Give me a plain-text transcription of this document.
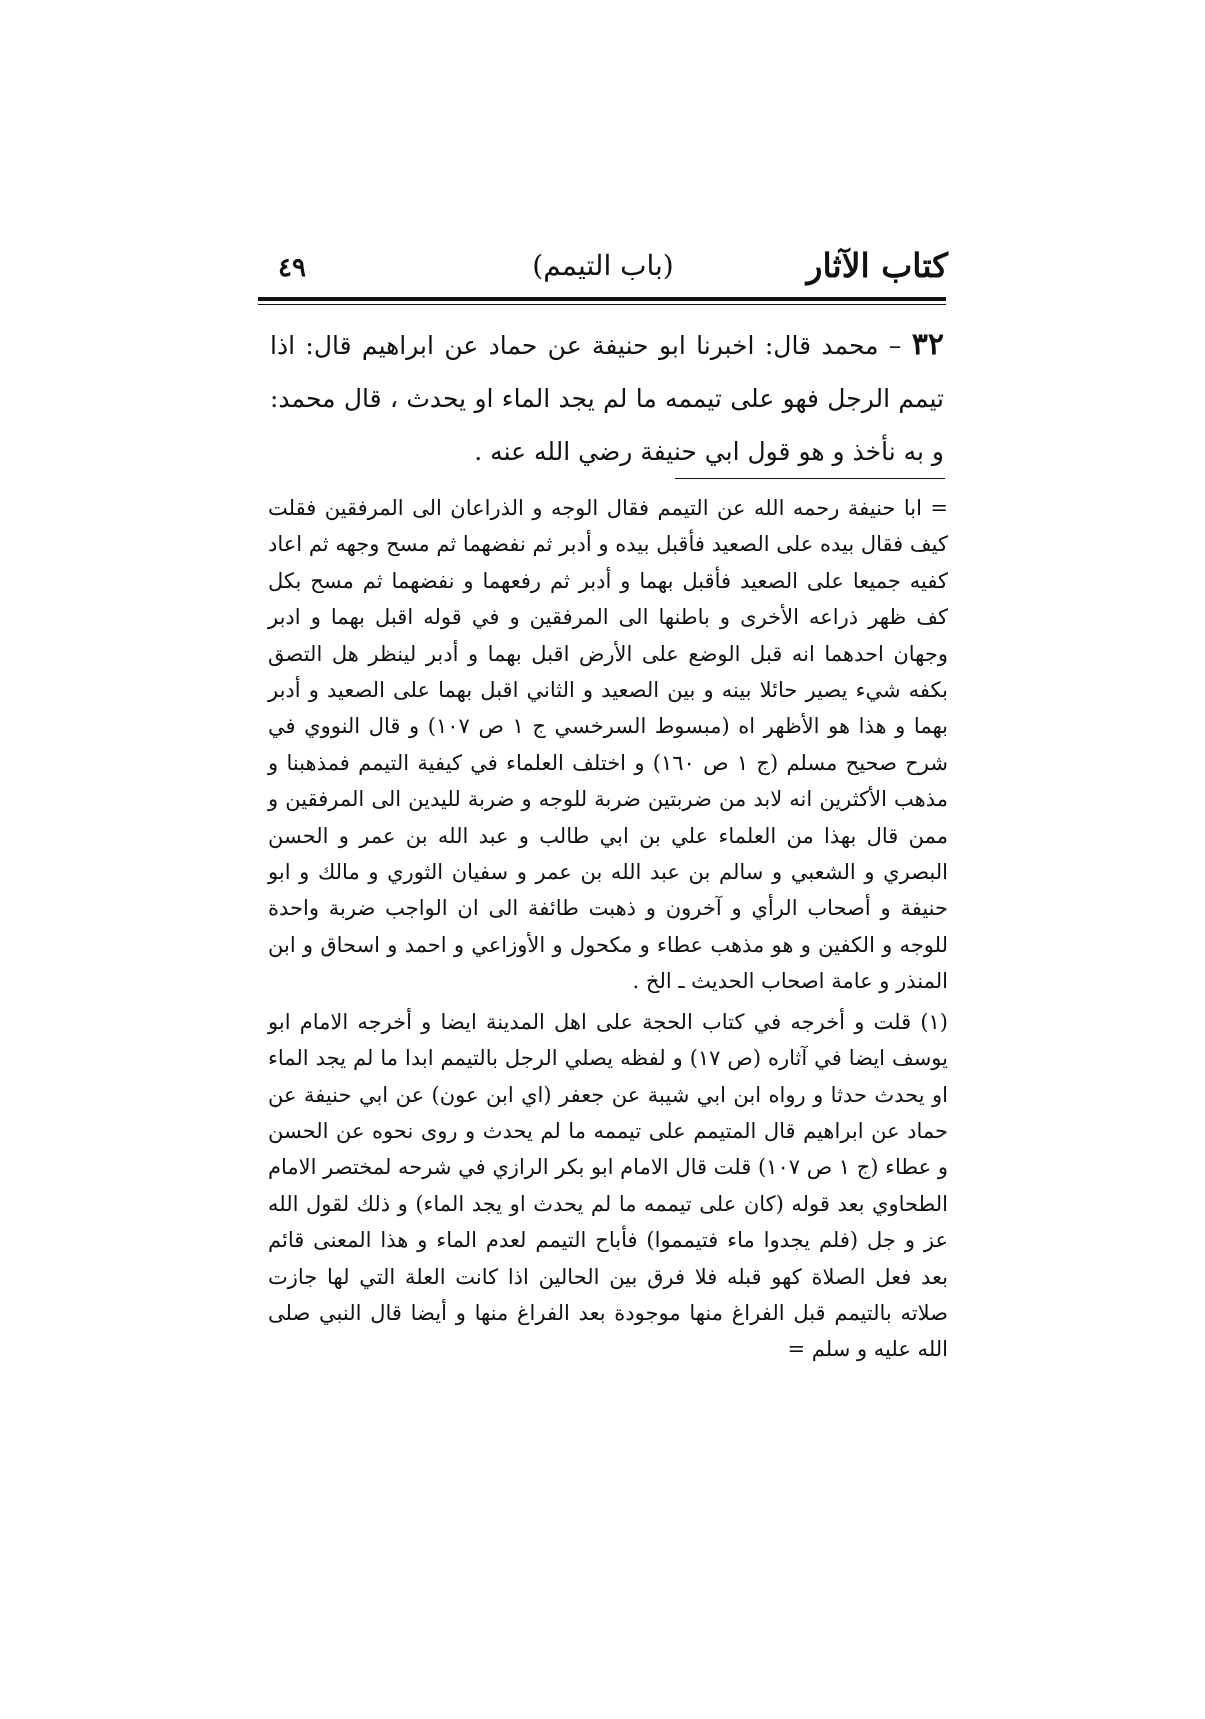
كتاب الآثار
(باب التيمم)
٤٩
٣٢ – محمد قال: اخبرنا ابو حنيفة عن حماد عن ابراهيم قال: اذا تيمم الرجل فهو على تيممه ما لم يجد الماء او يحدث ، قال محمد: و به نأخذ و هو قول ابي حنيفة رضي الله عنه .

= ابا حنيفة رحمه الله عن التيمم فقال الوجه و الذراعان الى المرفقين فقلت كيف فقال بيده على الصعيد فأقبل بيده و أدبر ثم نفضهما ثم مسح وجهه ثم اعاد كفيه جميعا على الصعيد فأقبل بهما و أدبر ثم رفعهما و نفضهما ثم مسح بكل كف ظهر ذراعه الأخرى و باطنها الى المرفقين و في قوله اقبل بهما و ادبر وجهان احدهما انه قبل الوضع على الأرض اقبل بهما و أدبر لينظر هل التصق بكفه شيء يصير حائلا بينه و بين الصعيد و الثاني اقبل بهما على الصعيد و أدبر بهما و هذا هو الأظهر اه (مبسوط السرخسي ج ١ ص ١٠٧) و قال النووي في شرح صحيح مسلم (ج ١ ص ١٦٠) و اختلف العلماء في كيفية التيمم فمذهبنا و مذهب الأكثرين انه لابد من ضربتين ضربة للوجه و ضربة لليدين الى المرفقين و ممن قال بهذا من العلماء علي بن ابي طالب و عبد الله بن عمر و الحسن البصري و الشعبي و سالم بن عبد الله بن عمر و سفيان الثوري و مالك و ابو حنيفة و أصحاب الرأي و آخرون و ذهبت طائفة الى ان الواجب ضربة واحدة للوجه و الكفين و هو مذهب عطاء و مكحول و الأوزاعي و احمد و اسحاق و ابن المنذر و عامة اصحاب الحديث ـ الخ .

(١) قلت و أخرجه في كتاب الحجة على اهل المدينة ايضا و أخرجه الامام ابو يوسف ايضا في آثاره (ص ١٧) و لفظه يصلي الرجل بالتيمم ابدا ما لم يجد الماء او يحدث حدثا و رواه ابن ابي شيبة عن جعفر (اي ابن عون) عن ابي حنيفة عن حماد عن ابراهيم قال المتيمم على تيممه ما لم يحدث و روى نحوه عن الحسن و عطاء (ج ١ ص ١٠٧) قلت قال الامام ابو بكر الرازي في شرحه لمختصر الامام الطحاوي بعد قوله (كان على تيممه ما لم يحدث او يجد الماء) و ذلك لقول الله عز و جل (فلم يجدوا ماء فتيمموا) فأباح التيمم لعدم الماء و هذا المعنى قائم بعد فعل الصلاة كهو قبله فلا فرق بين الحالين اذا كانت العلة التي لها جازت صلاته بالتيمم قبل الفراغ منها موجودة بعد الفراغ منها و أيضا قال النبي صلى الله عليه و سلم =
